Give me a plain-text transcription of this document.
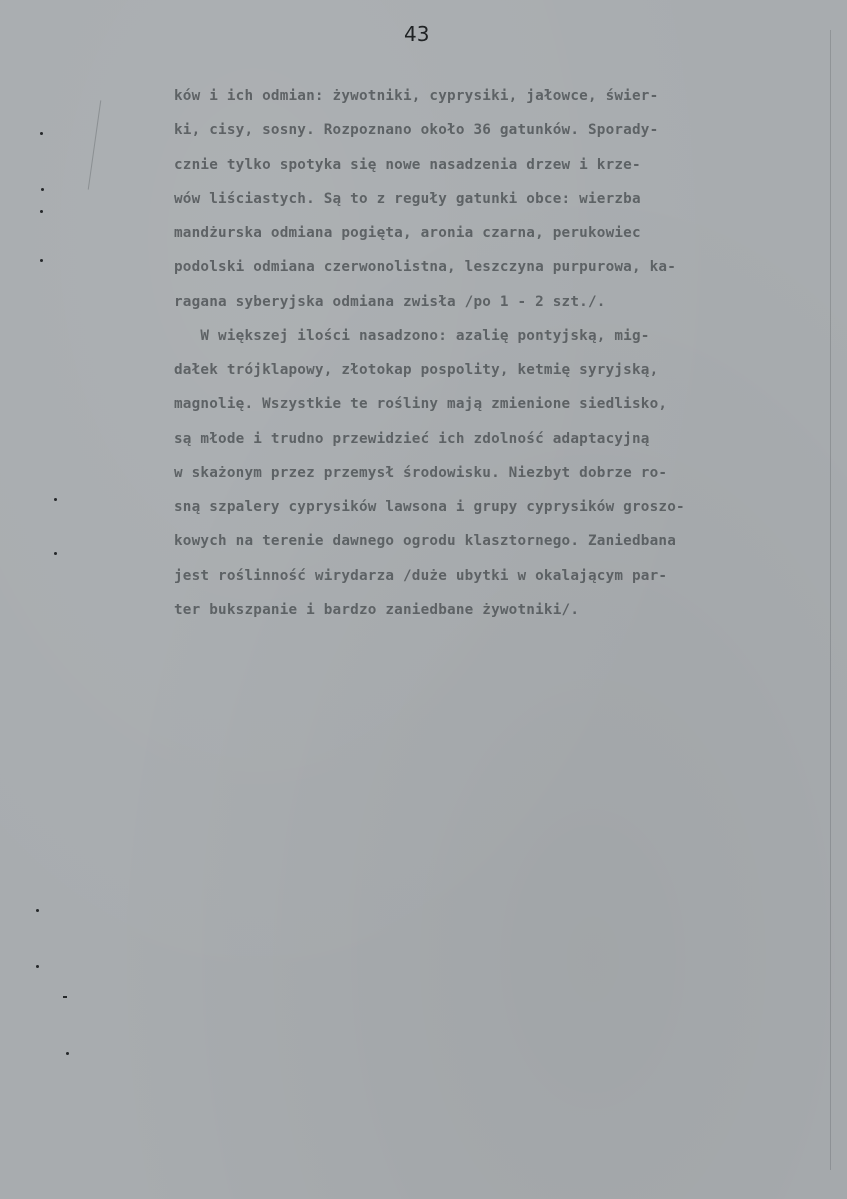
43
ków i ich odmian: żywotniki, cyprysiki, jałowce, świer-
ki, cisy, sosny. Rozpoznano około 36 gatunków. Sporady-
cznie tylko spotyka się nowe nasadzenia drzew i krze-
wów liściastych. Są to z reguły gatunki obce: wierzba
mandżurska odmiana pogięta, aronia czarna, perukowiec
podolski odmiana czerwonolistna, leszczyna purpurowa, ka-
ragana syberyjska odmiana zwisła /po 1 - 2 szt./.
W większej ilości nasadzono: azalię pontyjską, mig-
dałek trójklapowy, złotokap pospolity, ketmię syryjską,
magnolię. Wszystkie te rośliny mają zmienione siedlisko,
są młode i trudno przewidzieć ich zdolność adaptacyjną
w skażonym przez przemysł środowisku. Niezbyt dobrze ro-
sną szpalery cyprysików lawsona i grupy cyprysików groszo-
kowych na terenie dawnego ogrodu klasztornego. Zaniedbana
jest roślinność wirydarza /duże ubytki w okalającym par-
ter bukszpanie i bardzo zaniedbane żywotniki/.
